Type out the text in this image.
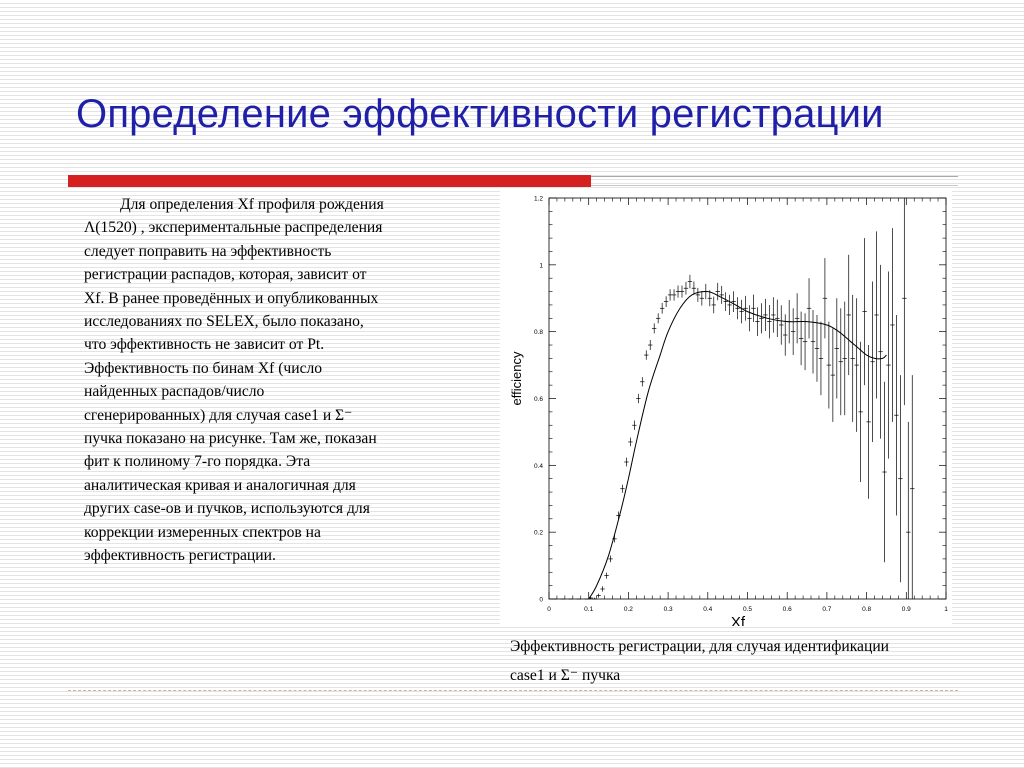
Определение эффективности регистрации
Для определения Xf профиля рождения
Λ(1520) , экспериментальные распределения
следует поправить на эффективность
регистрации распадов, которая, зависит от
Xf. В ранее проведённых и опубликованных
исследованиях по SELEX, было показано,
что эффективность не зависит от Pt.
Эффективность по бинам Xf (число
найденных распадов/число
сгенерированных) для случая case1 и Σ⁻
пучка показано на рисунке. Там же, показан
фит к полиному 7-го порядка. Эта
аналитическая кривая и аналогичная для
других case-ов и пучков, используются для
коррекции измеренных спектров на
эффективность регистрации.
0	0.1	0.2	0.3	0.4	0.5	0.6	0.7	0.8	0.9	1
0
0.2
0.4
0.6
0.8
1
1.2
Xf
efficiency
Эффективность регистрации, для случая идентификации
case1 и Σ⁻ пучка
